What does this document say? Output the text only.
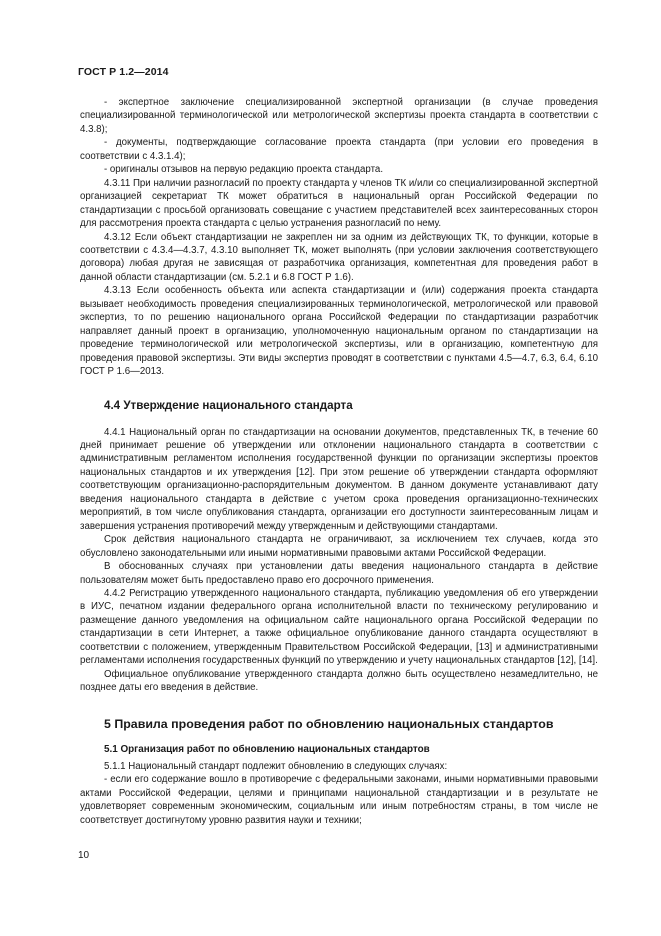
ГОСТ Р 1.2—2014

- экспертное заключение специализированной экспертной организации (в случае проведения специализированной терминологической или метрологической экспертизы проекта стандарта в соответствии с 4.3.8);

- документы, подтверждающие согласование проекта стандарта (при условии его проведения в соответствии с 4.3.1.4);

- оригиналы отзывов на первую редакцию проекта стандарта.

4.3.11 При наличии разногласий по проекту стандарта у членов ТК и/или со специализированной экспертной организацией секретариат ТК может обратиться в национальный орган Российской Федерации по стандартизации с просьбой организовать совещание с участием представителей всех заинтересованных сторон для рассмотрения проекта стандарта с целью устранения разногласий по нему.

4.3.12 Если объект стандартизации не закреплен ни за одним из действующих ТК, то функции, которые в соответствии с 4.3.4—4.3.7, 4.3.10 выполняет ТК, может выполнять (при условии заключения соответствующего договора) любая другая не зависящая от разработчика организация, компетентная для проведения работ в данной области стандартизации (см. 5.2.1 и 6.8 ГОСТ Р 1.6).

4.3.13 Если особенность объекта или аспекта стандартизации и (или) содержания проекта стандарта вызывает необходимость проведения специализированных терминологической, метрологической или правовой экспертиз, то по решению национального органа Российской Федерации по стандартизации разработчик направляет данный проект в организацию, уполномоченную национальным органом по стандартизации на проведение терминологической или метрологической экспертизы, или в организацию, компетентную для проведения правовой экспертизы. Эти виды экспертиз проводят в соответствии с пунктами 4.5—4.7, 6.3, 6.4, 6.10 ГОСТ Р 1.6—2013.

4.4 Утверждение национального стандарта

4.4.1 Национальный орган по стандартизации на основании документов, представленных ТК, в течение 60 дней принимает решение об утверждении или отклонении национального стандарта в соответствии с административным регламентом исполнения государственной функции по организации экспертизы проектов национальных стандартов и их утверждения [12]. При этом решение об утверждении стандарта оформляют соответствующим организационно-распорядительным документом. В данном документе устанавливают дату введения национального стандарта в действие с учетом срока проведения организационно-технических мероприятий, в том числе опубликования стандарта, организации его доступности заинтересованным лицам и завершения устранения противоречий между утвержденным и действующими стандартами.

Срок действия национального стандарта не ограничивают, за исключением тех случаев, когда это обусловлено законодательными или иными нормативными правовыми актами Российской Федерации.

В обоснованных случаях при установлении даты введения национального стандарта в действие пользователям может быть предоставлено право его досрочного применения.

4.4.2 Регистрацию утвержденного национального стандарта, публикацию уведомления об его утверждении в ИУС, печатном издании федерального органа исполнительной власти по техническому регулированию и размещение данного уведомления на официальном сайте национального органа Российской Федерации по стандартизации в сети Интернет, а также официальное опубликование данного стандарта осуществляют в соответствии с положением, утвержденным Правительством Российской Федерации, [13] и административными регламентами исполнения государственных функций по утверждению и учету национальных стандартов [12], [14].

Официальное опубликование утвержденного стандарта должно быть осуществлено незамедлительно, не позднее даты его введения в действие.

5 Правила проведения работ по обновлению национальных стандартов
5.1 Организация работ по обновлению национальных стандартов

5.1.1 Национальный стандарт подлежит обновлению в следующих случаях:

- если его содержание вошло в противоречие с федеральными законами, иными нормативными правовыми актами Российской Федерации, целями и принципами национальной стандартизации и в результате не удовлетворяет современным экономическим, социальным или иным потребностям страны, в том числе не соответствует достигнутому уровню развития науки и техники;

10
